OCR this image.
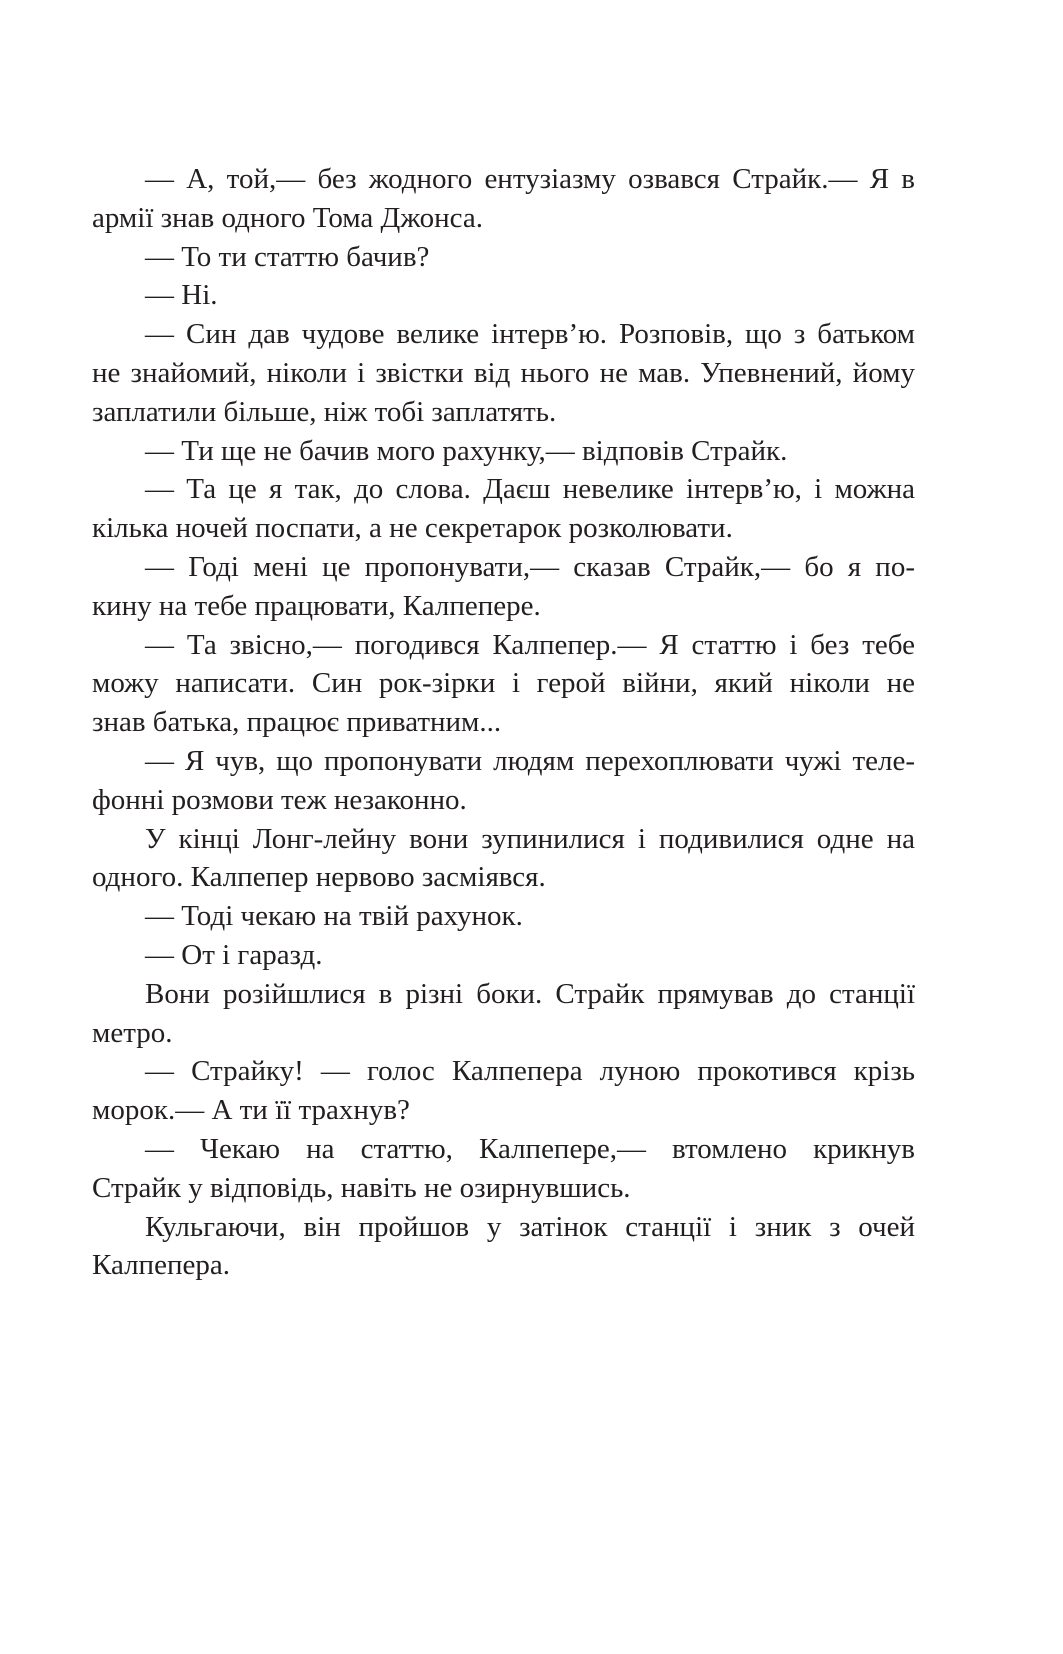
— А, той,— без жодного ентузіазму озвався Страйк.— Я в
армії знав одного Тома Джонса.
— То ти статтю бачив?
— Ні.
— Син дав чудове велике інтерв’ю. Розповів, що з батьком
не знайомий, ніколи і звістки від нього не мав. Упевнений, йому
заплатили більше, ніж тобі заплатять.
— Ти ще не бачив мого рахунку,— відповів Страйк.
— Та це я так, до слова. Даєш невелике інтерв’ю, і можна
кілька ночей поспати, а не секретарок розколювати.
— Годі мені це пропонувати,— сказав Страйк,— бо я по-
кину на тебе працювати, Калпепере.
— Та звісно,— погодився Калпепер.— Я статтю і без тебе
можу написати. Син рок-зірки і герой війни, який ніколи не
знав батька, працює приватним...
— Я чув, що пропонувати людям перехоплювати чужі теле-
фонні розмови теж незаконно.
У кінці Лонг-лейну вони зупинилися і подивилися одне на
одного. Калпепер нервово засміявся.
— Тоді чекаю на твій рахунок.
— От і гаразд.
Вони розійшлися в різні боки. Страйк прямував до станції
метро.
— Страйку! — голос Калпепера луною прокотився крізь
морок.— А ти її трахнув?
— Чекаю на статтю, Калпепере,— втомлено крикнув
Страйк у відповідь, навіть не озирнувшись.
Кульгаючи, він пройшов у затінок станції і зник з очей
Калпепера.
